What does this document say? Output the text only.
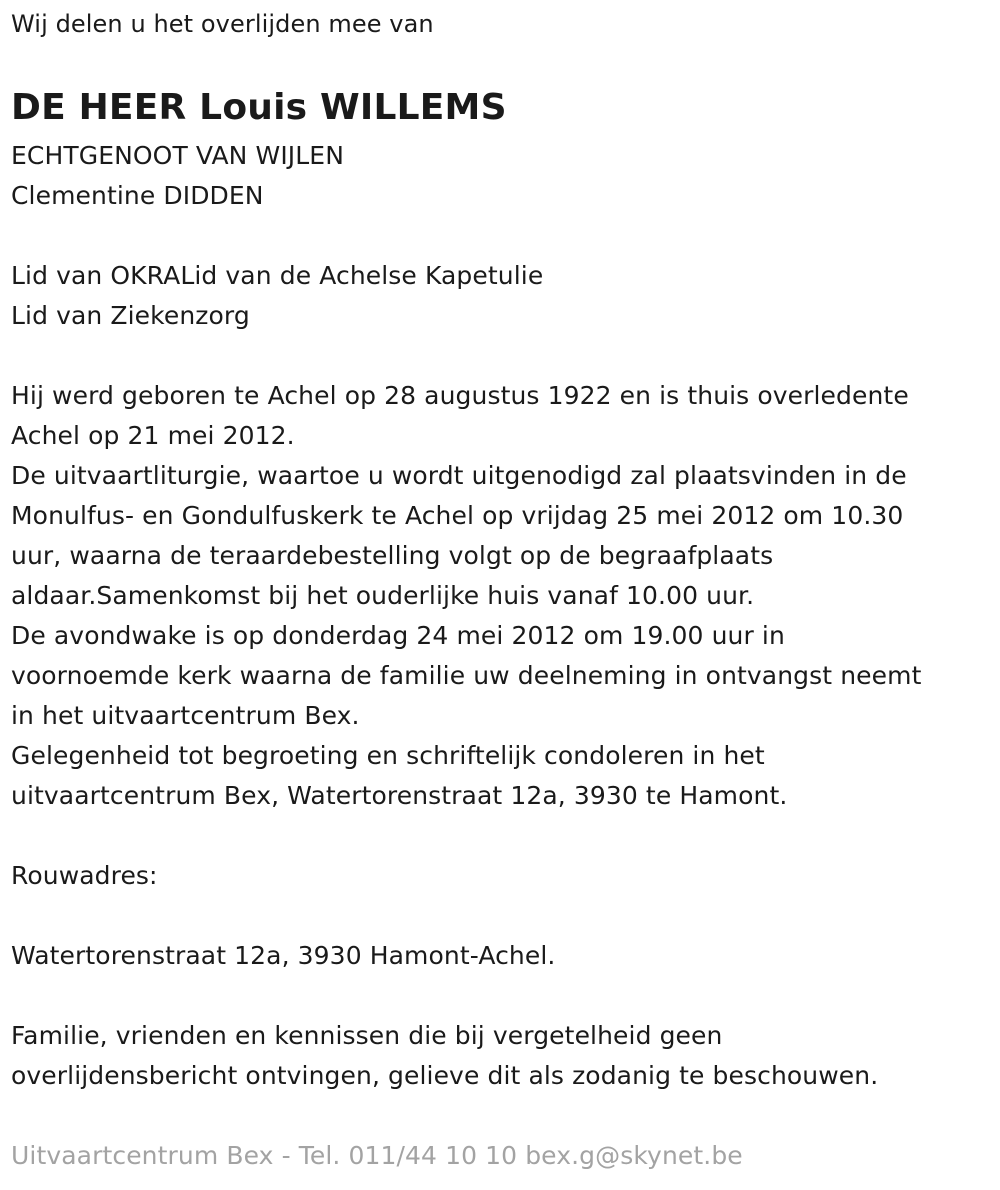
Wij delen u het overlijden mee van
DE HEER Louis WILLEMS
ECHTGENOOT VAN WIJLEN
Clementine DIDDEN
Lid van OKRALid van de Achelse Kapetulie
Lid van Ziekenzorg
Hij werd geboren te Achel op 28 augustus 1922 en is thuis overledente
Achel op 21 mei 2012.
De uitvaartliturgie, waartoe u wordt uitgenodigd zal plaatsvinden in de
Monulfus- en Gondulfuskerk te Achel op vrijdag 25 mei 2012 om 10.30
uur, waarna de teraardebestelling volgt op de begraafplaats
aldaar.Samenkomst bij het ouderlijke huis vanaf 10.00 uur.
De avondwake is op donderdag 24 mei 2012 om 19.00 uur in
voornoemde kerk waarna de familie uw deelneming in ontvangst neemt
in het uitvaartcentrum Bex.
Gelegenheid tot begroeting en schriftelijk condoleren in het
uitvaartcentrum Bex, Watertorenstraat 12a, 3930 te Hamont.
Rouwadres:
Watertorenstraat 12a, 3930 Hamont-Achel.
Familie, vrienden en kennissen die bij vergetelheid geen
overlijdensbericht ontvingen, gelieve dit als zodanig te beschouwen.
Uitvaartcentrum Bex - Tel. 011/44 10 10 bex.g@skynet.be
